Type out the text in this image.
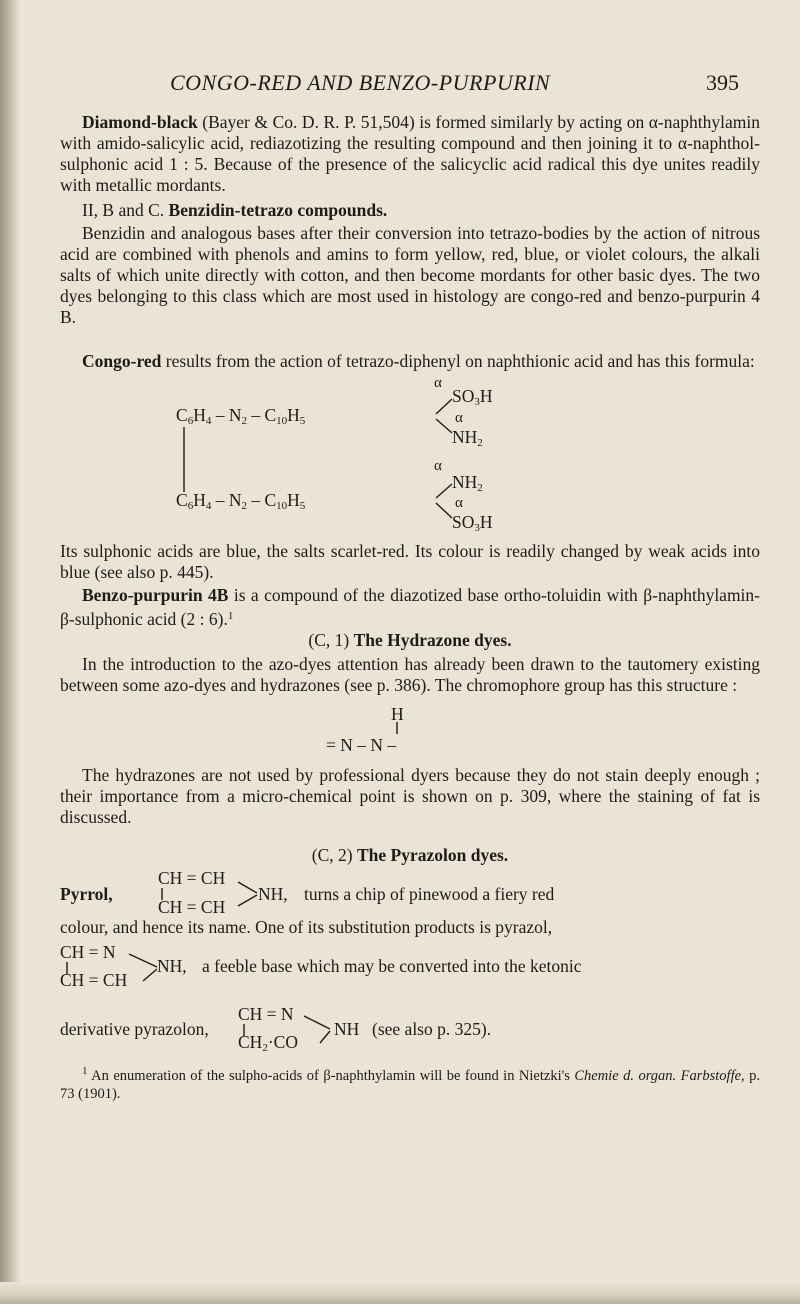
CONGO-RED AND BENZO-PURPURIN	395

Diamond-black (Bayer & Co. D. R. P. 51,504) is formed similarly by acting on α-naphthylamin with amido-salicylic acid, rediazotizing the resulting compound and then joining it to α-naphthol-sulphonic acid 1 : 5. Because of the presence of the salicyclic acid radical this dye unites readily with metallic mordants.

II, B and C. Benzidin-tetrazo compounds.

Benzidin and analogous bases after their conversion into tetrazo-bodies by the action of nitrous acid are combined with phenols and amins to form yellow, red, blue, or violet colours, the alkali salts of which unite directly with cotton, and then become mordants for other basic dyes. The two dyes belonging to this class which are most used in histology are congo-red and benzo-purpurin 4 B.

Congo-red results from the action of tetrazo-diphenyl on naphthionic acid and has this formula:

α
$C_6H_4 - N_2 - C_{10}H_5$
$SO_3H$
α
$NH_2$
α
$NH_2$
$C_6H_4 - N_2 - C_{10}H_5$	α
$SO_3H$

Its sulphonic acids are blue, the salts scarlet-red. Its colour is readily changed by weak acids into blue (see also p. 445).

Benzo-purpurin 4B is a compound of the diazotized base ortho-toluidin with β-naphthylamin-β-sulphonic acid (2 : 6).$^1$

(C, 1) The Hydrazone dyes.

In the introduction to the azo-dyes attention has already been drawn to the tautomery existing between some azo-dyes and hydrazones (see p. 386). The chromophore group has this structure :

H
= N – N –

The hydrazones are not used by professional dyers because they do not stain deeply enough ; their importance from a micro-chemical point is shown on p. 309, where the staining of fat is discussed.

(C, 2) The Pyrazolon dyes.

Pyrrol,
CH = CH
CH = CH
NH, turns a chip of pinewood a fiery red

colour, and hence its name. One of its substitution products is pyrazol,

CH = N
CH = CH
NH, a feeble base which may be converted into the ketonic
derivative pyrazolon,
CH = N
$CH_2\cdot CO$
NH (see also p. 325).

$^1$ An enumeration of the sulpho-acids of β-naphthylamin will be found in Nietzki's Chemie d. organ. Farbstoffe, p. 73 (1901).
